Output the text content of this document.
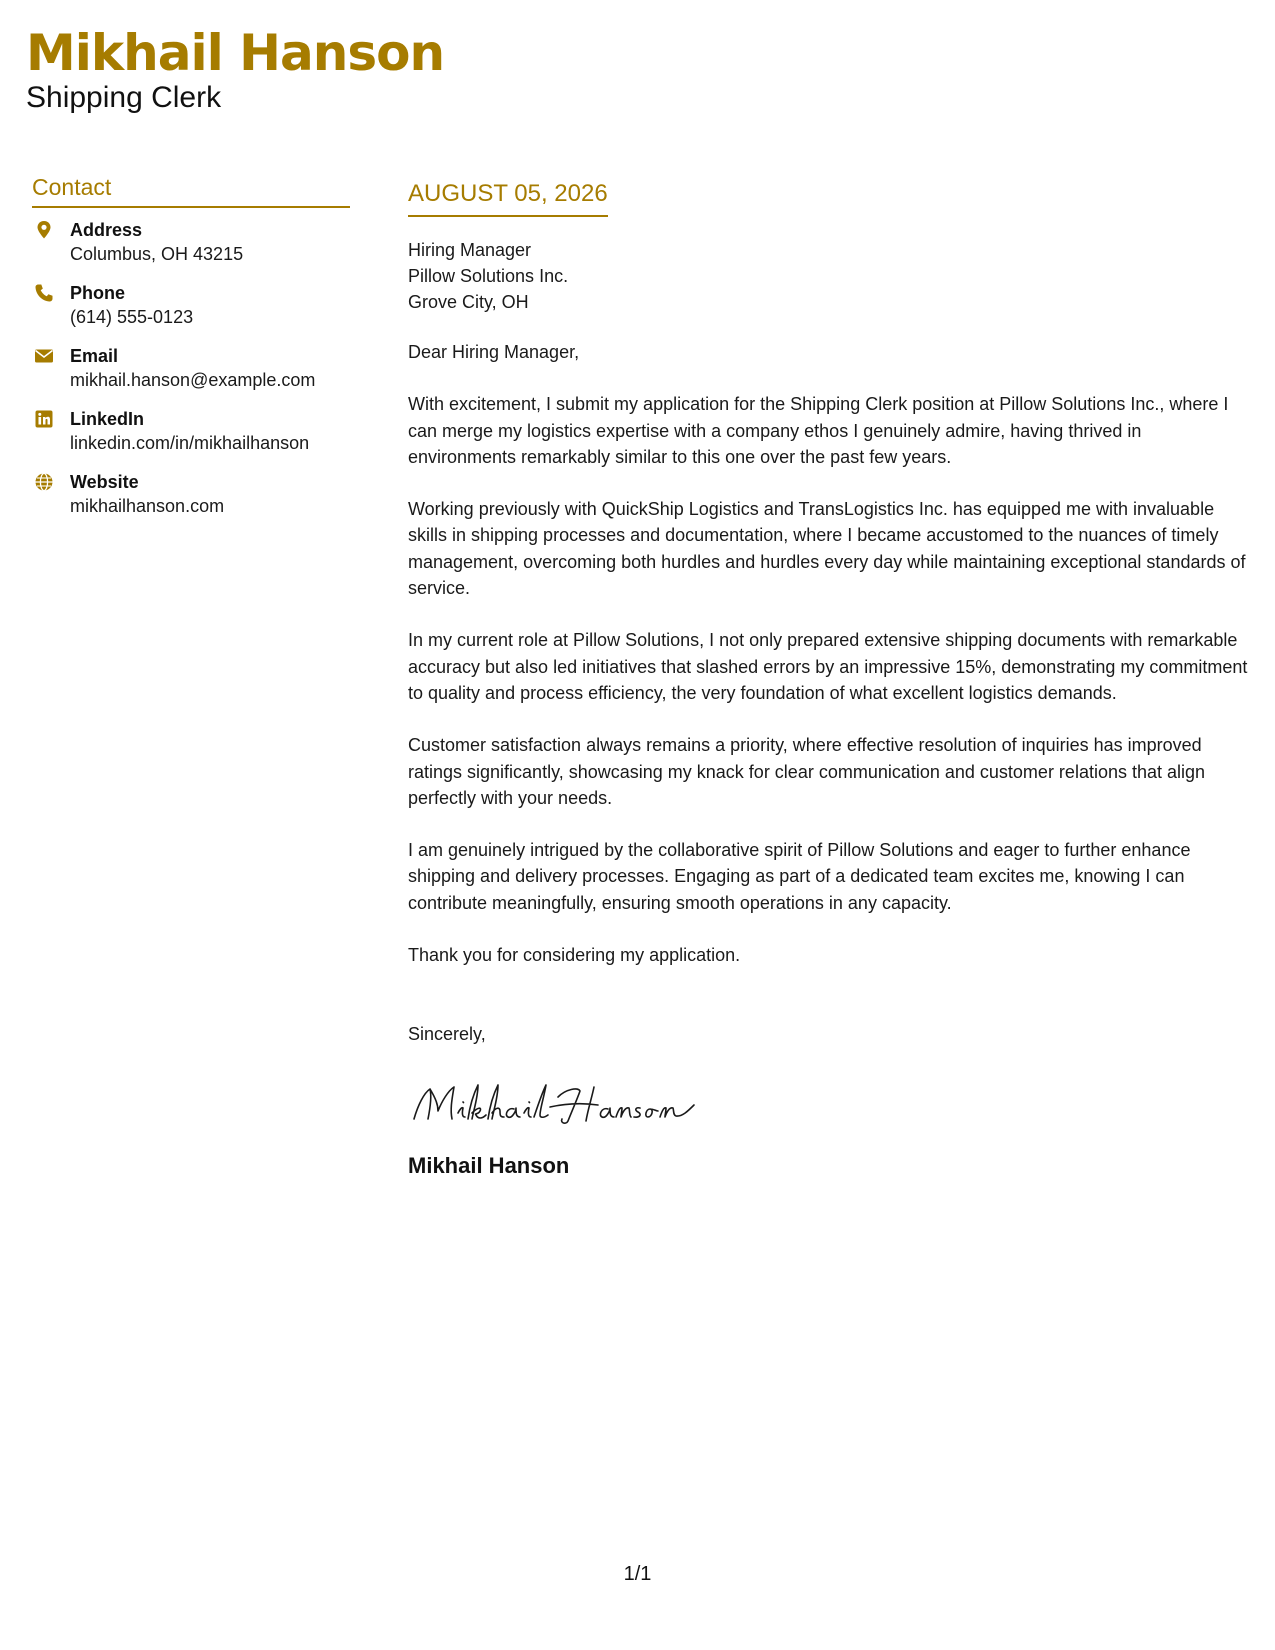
Mikhail Hanson
Shipping Clerk
Contact
Address
Columbus, OH 43215
Phone
(614) 555-0123
Email
mikhail.hanson@example.com
LinkedIn
linkedin.com/in/mikhailhanson
Website
mikhailhanson.com
AUGUST 05, 2026
Hiring Manager
Pillow Solutions Inc.
Grove City, OH

Dear Hiring Manager,

With excitement, I submit my application for the Shipping Clerk position at Pillow Solutions Inc., where I can merge my logistics expertise with a company ethos I genuinely admire, having thrived in environments remarkably similar to this one over the past few years.

Working previously with QuickShip Logistics and TransLogistics Inc. has equipped me with invaluable skills in shipping processes and documentation, where I became accustomed to the nuances of timely management, overcoming both hurdles and hurdles every day while maintaining exceptional standards of service.

In my current role at Pillow Solutions, I not only prepared extensive shipping documents with remarkable accuracy but also led initiatives that slashed errors by an impressive 15%, demonstrating my commitment to quality and process efficiency, the very foundation of what excellent logistics demands.

Customer satisfaction always remains a priority, where effective resolution of inquiries has improved ratings significantly, showcasing my knack for clear communication and customer relations that align perfectly with your needs.

I am genuinely intrigued by the collaborative spirit of Pillow Solutions and eager to further enhance shipping and delivery processes. Engaging as part of a dedicated team excites me, knowing I can contribute meaningfully, ensuring smooth operations in any capacity.

Thank you for considering my application.

Sincerely,
Mikhail Hanson
1/1
